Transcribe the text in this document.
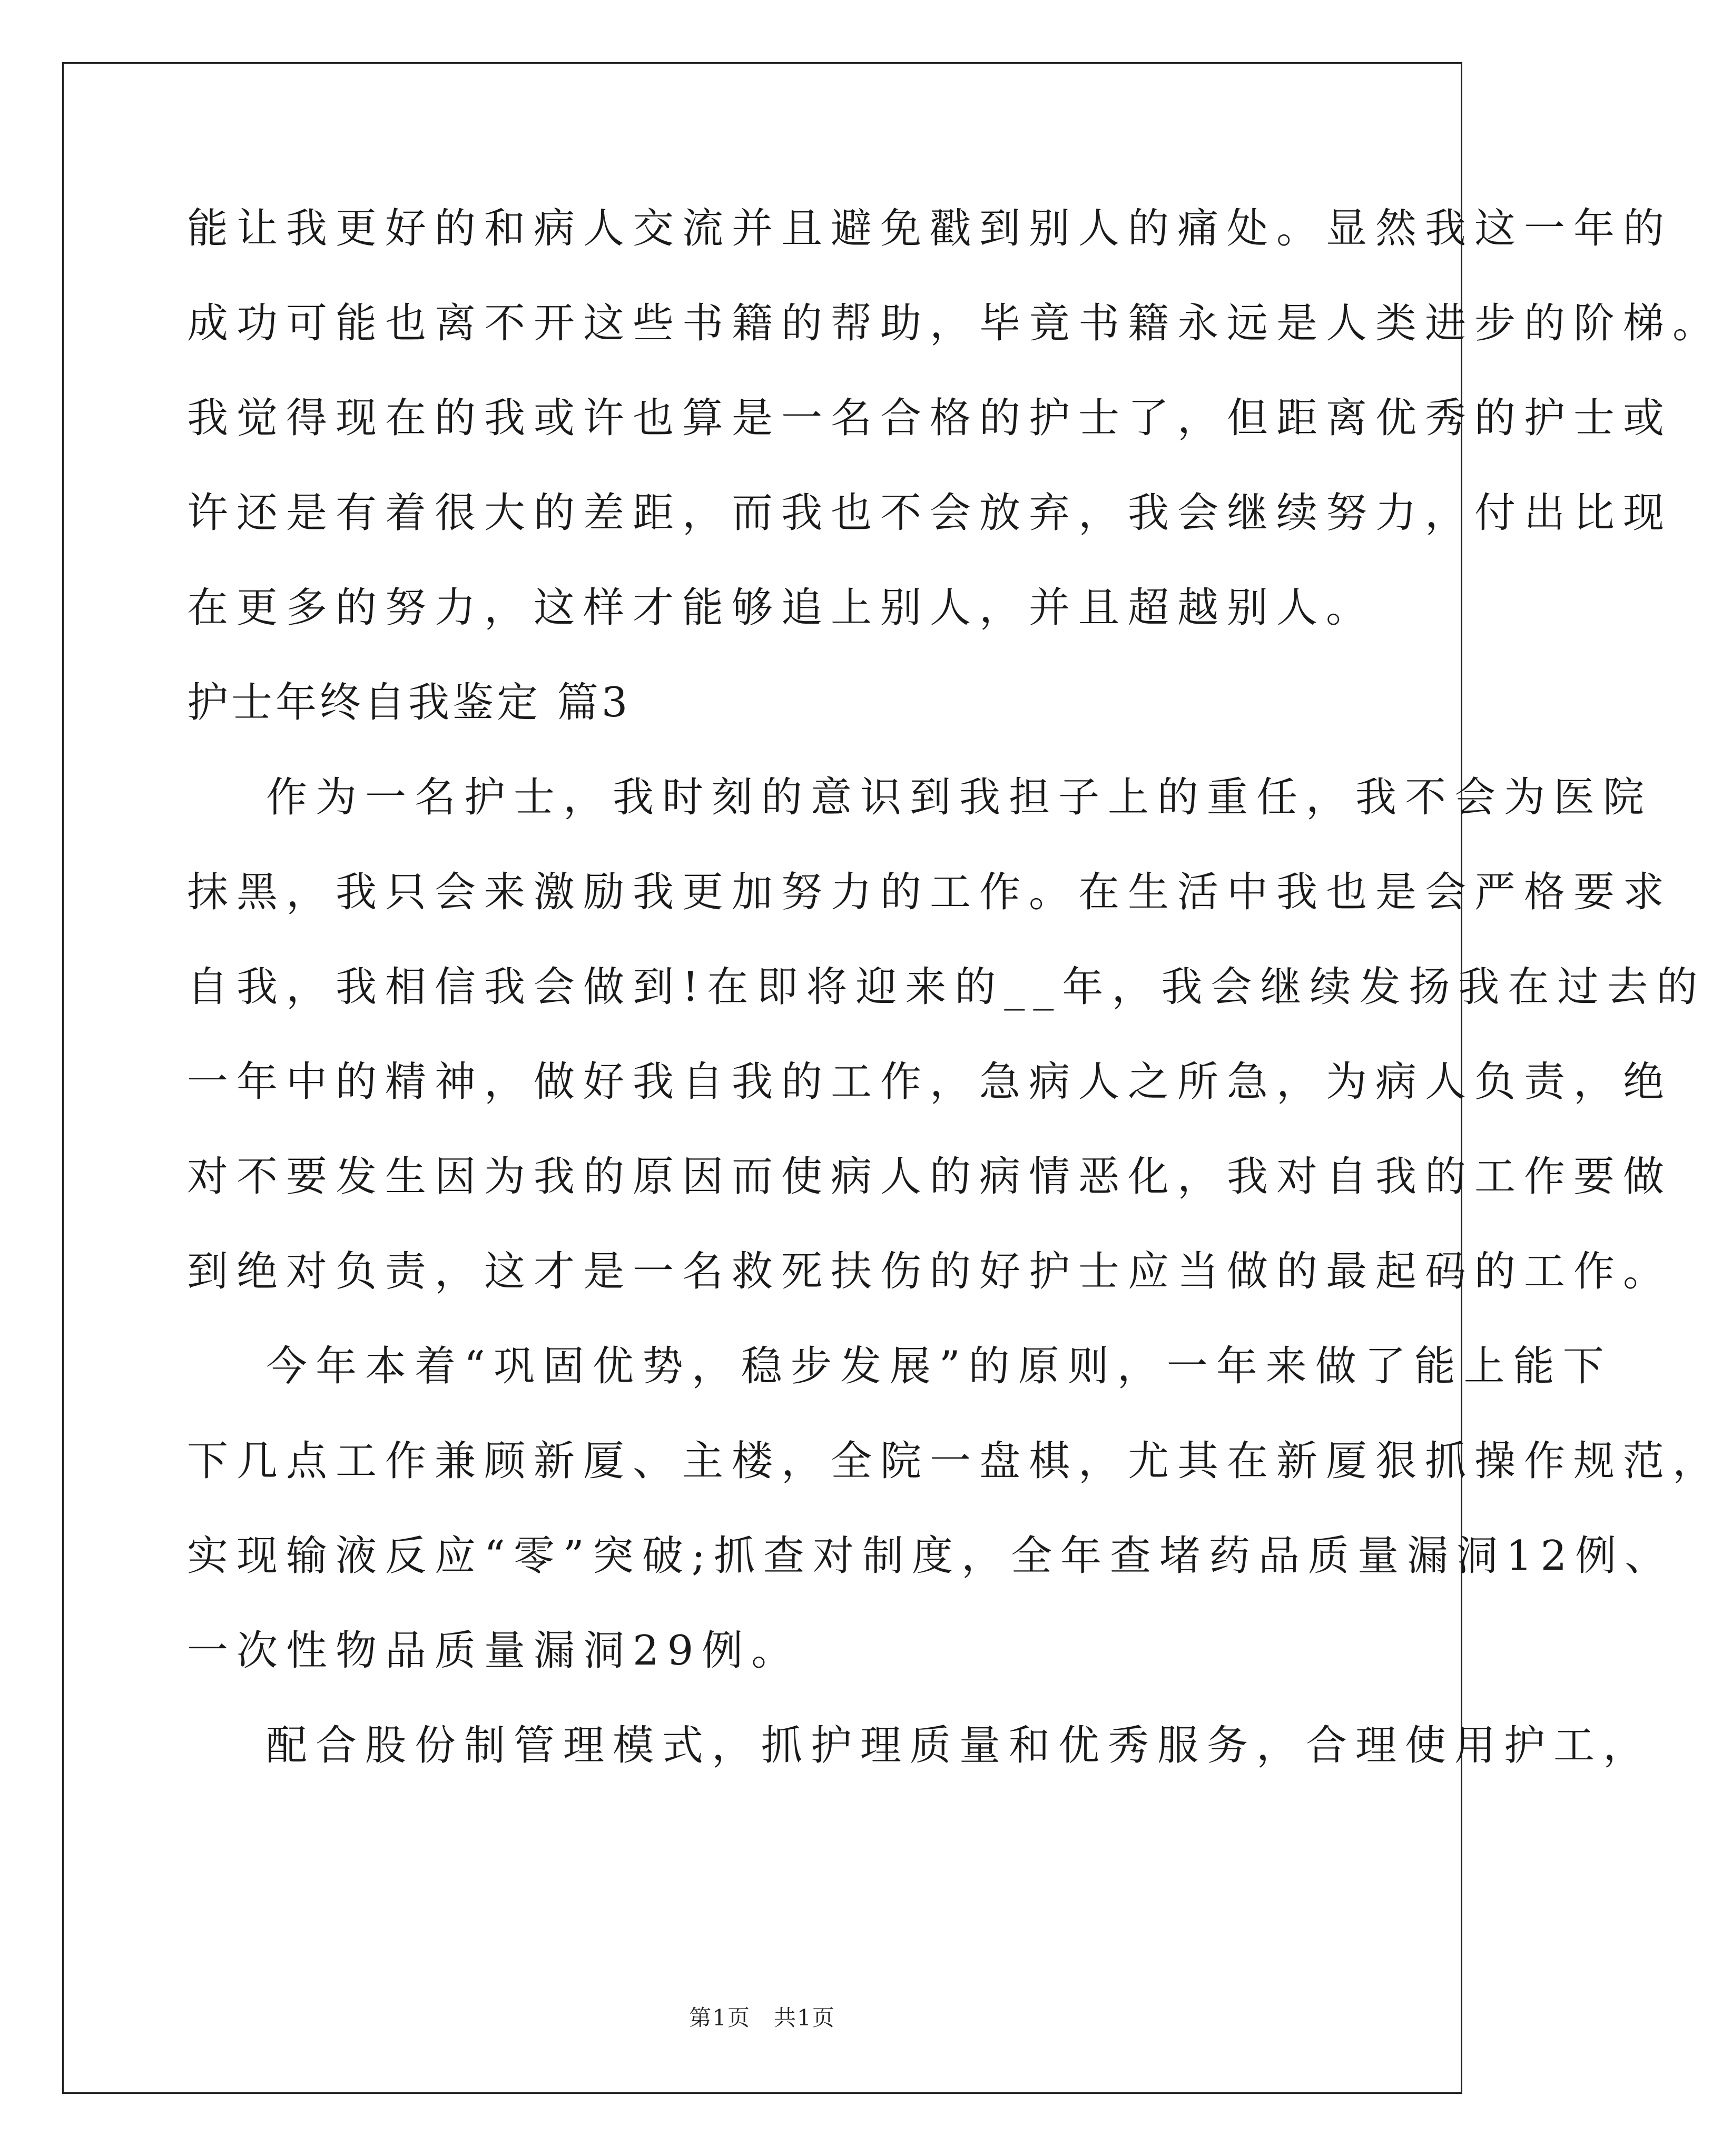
能让我更好的和病人交流并且避免戳到别人的痛处。显然我这一年的
成功可能也离不开这些书籍的帮助，毕竟书籍永远是人类进步的阶梯。
我觉得现在的我或许也算是一名合格的护士了，但距离优秀的护士或
许还是有着很大的差距，而我也不会放弃，我会继续努力，付出比现
在更多的努力，这样才能够追上别人，并且超越别人。
护士年终自我鉴定 篇3
作为一名护士，我时刻的意识到我担子上的重任，我不会为医院
抹黑，我只会来激励我更加努力的工作。在生活中我也是会严格要求
自我，我相信我会做到!在即将迎来的__年，我会继续发扬我在过去的
一年中的精神，做好我自我的工作，急病人之所急，为病人负责，绝
对不要发生因为我的原因而使病人的病情恶化，我对自我的工作要做
到绝对负责，这才是一名救死扶伤的好护士应当做的最起码的工作。
今年本着“巩固优势，稳步发展”的原则，一年来做了能上能下
下几点工作兼顾新厦、主楼，全院一盘棋，尤其在新厦狠抓操作规范，
实现输液反应“零”突破;抓查对制度，全年查堵药品质量漏洞12例、
一次性物品质量漏洞29例。
配合股份制管理模式，抓护理质量和优秀服务，合理使用护工，
第1页　共1页
